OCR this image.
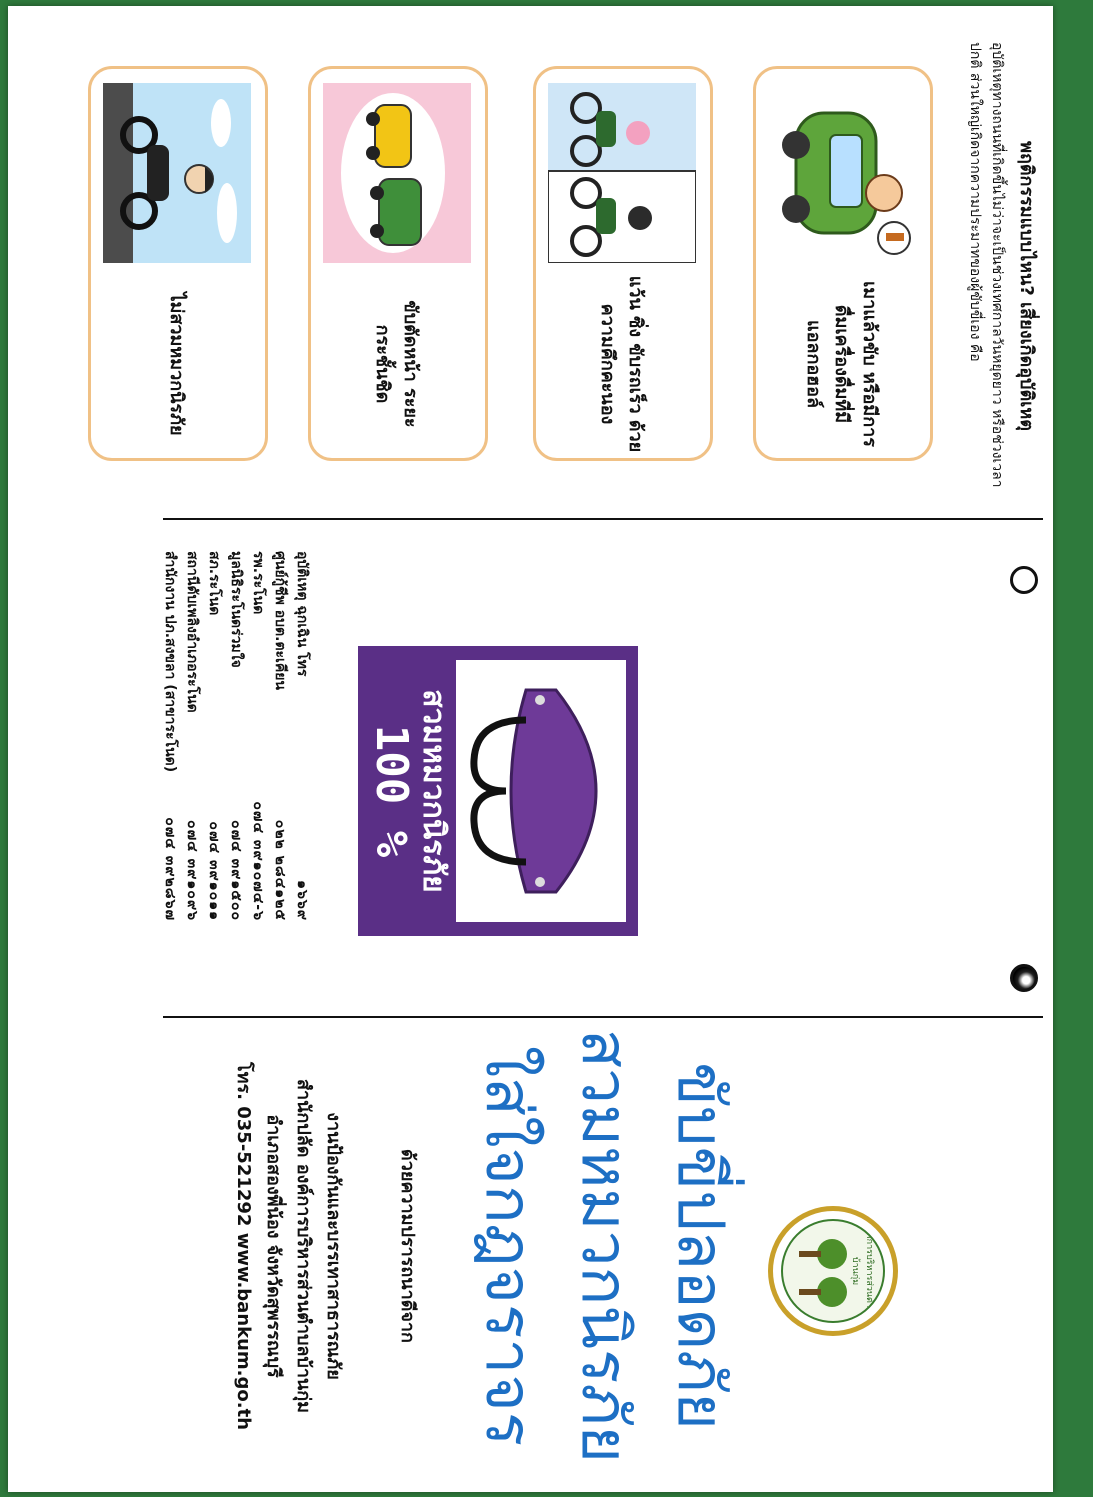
พฤติกรรมแบบไหน? เสี่ยงเกิดอุบัติเหตุ
อุบัติเหตุทางถนนที่เกิดขึ้นไม่ว่าจะเป็นช่วงเทศกาลวันหยุดยาว หรือช่วงเวลาปกติ ส่วนใหญ่เกิดจากความประมาทของผู้ขับขี่เอง คือ
เมาแล้วขับ หรือมีการดื่มเครื่องดื่มที่มีแอลกอฮอล์
แว้น ซิ่ง ขับรถเร็ว ด้วยความคึกคะนอง
ขับตัดหน้า ระยะกระชั้นชิด
ไม่สวมหมวกนิรภัย
สวมหมวกนิรภัย
100 %
อุบัติเหตุ ฉุกเฉิน โทร
๑๖๖๙
ศูนย์กู้ชีพ อบต.ตะเคียน
๐๒๒ ๒๘๔๑๒๕
รพ.ระโนด
๐๗๔ ๓๙๑๐๗๔-๖
มูลนิธิระโนดร่วมใจ
๐๗๔ ๓๙๑๕๐๐
สภ.ระโนด
๐๗๔ ๓๙๑๐๑๑
สถานีดับเพลิงอำเภอระโนด
๐๗๔ ๓๙๑๐๙๖
สำนักงาน ปภ.สงขลา (สาขาระโนด)
๐๗๔ ๓๙๒๘๖๗
องค์การบริหารส่วนตำบลบ้านกุ่ม
ขับขี่ปลอดภัย
สวมหมวกนิรภัย
ใส่ใจกฎจราจร
ด้วยความปรารถนาดีจาก
งานป้องกันและบรรเทาสาธารณภัย
สำนักปลัด องค์การบริหารส่วนตำบลบ้านกุ่ม
อำเภอสองพี่น้อง จังหวัดสุพรรณบุรี
โทร. 035-521292 www.bankum.go.th
